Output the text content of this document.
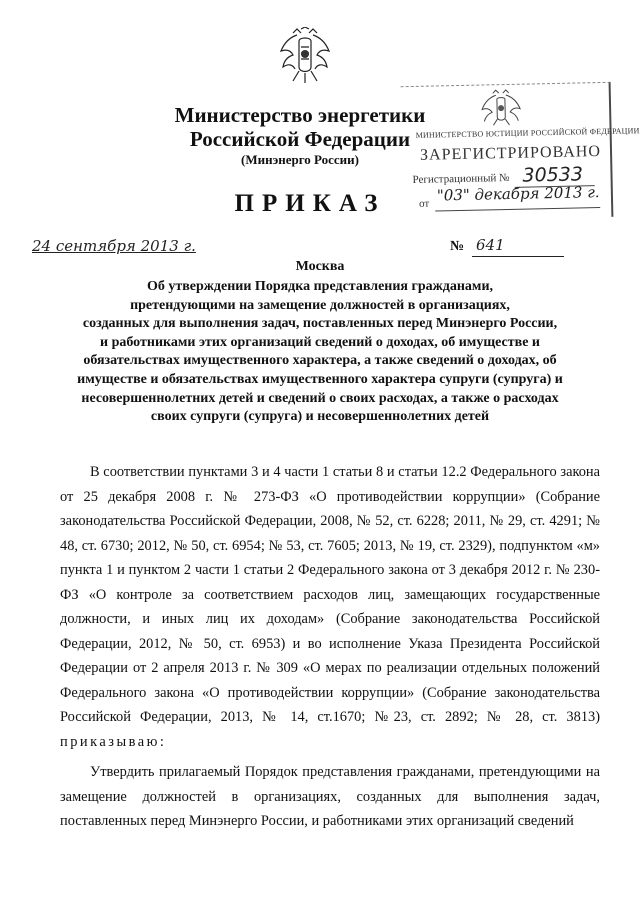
Министерство энергетики
Российской Федерации
(Минэнерго России)
ПРИКАЗ
МИНИСТЕРСТВО ЮСТИЦИИ РОССИЙСКОЙ ФЕДЕРАЦИИ
ЗАРЕГИСТРИРОВАНО
Регистрационный № 30533
от "03" декабря 2013 г.
24 сентября 2013 г.	№ 641
Москва
Об утверждении Порядка представления гражданами,
претендующими на замещение должностей в организациях,
созданных для выполнения задач, поставленных перед Минэнерго России,
и работниками этих организаций сведений о доходах, об имуществе и
обязательствах имущественного характера, а также сведений о доходах, об
имуществе и обязательствах имущественного характера супруги (супруга) и
несовершеннолетних детей и сведений о своих расходах, а также о расходах
своих супруги (супруга) и несовершеннолетних детей

В соответствии пунктами 3 и 4 части 1 статьи 8 и статьи 12.2 Федерального закона от 25 декабря 2008 г. № 273-ФЗ «О противодействии коррупции» (Собрание законодательства Российской Федерации, 2008, № 52, ст. 6228; 2011, № 29, ст. 4291; № 48, ст. 6730; 2012, № 50, ст. 6954; № 53, ст. 7605; 2013, № 19, ст. 2329), подпунктом «м» пункта 1 и пунктом 2 части 1 статьи 2 Федерального закона от 3 декабря 2012 г. № 230-ФЗ «О контроле за соответствием расходов лиц, замещающих государственные должности, и иных лиц их доходам» (Собрание законодательства Российской Федерации, 2012, № 50, ст. 6953) и во исполнение Указа Президента Российской Федерации от 2 апреля 2013 г. № 309 «О мерах по реализации отдельных положений Федерального закона «О противодействии коррупции» (Собрание законодательства Российской Федерации, 2013, № 14, ст.1670; №23, ст. 2892; № 28, ст. 3813) приказываю:

Утвердить прилагаемый Порядок представления гражданами, претендующими на замещение должностей в организациях, созданных для выполнения задач, поставленных перед Минэнерго России, и работниками этих организаций сведений
